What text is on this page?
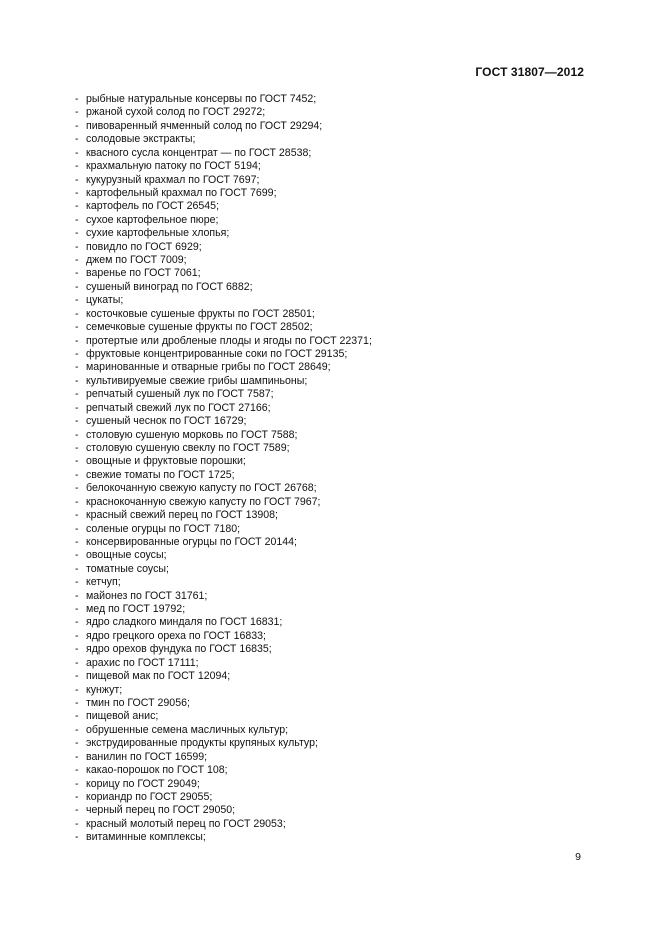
ГОСТ 31807—2012
- рыбные натуральные консервы по ГОСТ 7452;
- ржаной сухой солод по ГОСТ 29272;
- пивоваренный ячменный солод по ГОСТ 29294;
- солодовые экстракты;
- квасного сусла концентрат — по ГОСТ 28538;
- крахмальную патоку по ГОСТ 5194;
- кукурузный крахмал по ГОСТ 7697;
- картофельный крахмал по ГОСТ 7699;
- картофель по ГОСТ 26545;
- сухое картофельное пюре;
- сухие картофельные хлопья;
- повидло по ГОСТ 6929;
- джем по ГОСТ 7009;
- варенье по ГОСТ 7061;
- сушеный виноград по ГОСТ 6882;
- цукаты;
- косточковые сушеные фрукты по ГОСТ 28501;
- семечковые сушеные фрукты по ГОСТ 28502;
- протертые или дробленые плоды и ягоды по ГОСТ 22371;
- фруктовые концентрированные соки по ГОСТ 29135;
- маринованные и отварные грибы по ГОСТ 28649;
- культивируемые свежие грибы шампиньоны;
- репчатый сушеный лук по ГОСТ 7587;
- репчатый свежий лук по ГОСТ 27166;
- сушеный чеснок по ГОСТ 16729;
- столовую сушеную морковь по ГОСТ 7588;
- столовую сушеную свеклу по ГОСТ 7589;
- овощные и фруктовые порошки;
- свежие томаты по ГОСТ 1725;
- белокочанную свежую капусту по ГОСТ 26768;
- краснокочанную свежую капусту по ГОСТ 7967;
- красный свежий перец по ГОСТ 13908;
- соленые огурцы по ГОСТ 7180;
- консервированные огурцы по ГОСТ 20144;
- овощные соусы;
- томатные соусы;
- кетчуп;
- майонез по ГОСТ 31761;
- мед по ГОСТ 19792;
- ядро сладкого миндаля по ГОСТ 16831;
- ядро грецкого ореха по ГОСТ 16833;
- ядро орехов фундука по ГОСТ 16835;
- арахис по ГОСТ 17111;
- пищевой мак по ГОСТ 12094;
- кунжут;
- тмин по ГОСТ 29056;
- пищевой анис;
- обрушенные семена масличных культур;
- экструдированные продукты крупяных культур;
- ванилин по ГОСТ 16599;
- какао-порошок по ГОСТ 108;
- корицу по ГОСТ 29049;
- кориандр по ГОСТ 29055;
- черный перец по ГОСТ 29050;
- красный молотый перец по ГОСТ 29053;
- витаминные комплексы;
9
